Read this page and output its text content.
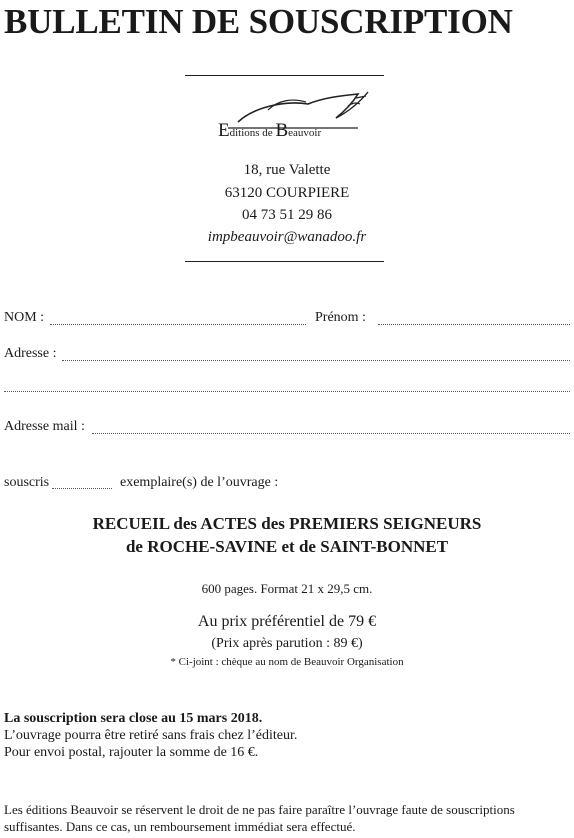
BULLETIN DE SOUSCRIPTION
Editions de Beauvoir
18, rue Valette
63120 COURPIERE
04 73 51 29 86
impbeauvoir@wanadoo.fr
NOM :	Prénom :
Adresse :
Adresse mail :
souscris	exemplaire(s) de l’ouvrage :
RECUEIL des ACTES des PREMIERS SEIGNEURS
de ROCHE-SAVINE et de SAINT-BONNET
600 pages. Format 21 x 29,5 cm.
Au prix préférentiel de 79 €
(Prix après parution : 89 €)
* Ci-joint : chèque au nom de Beauvoir Organisation
La souscription sera close au 15 mars 2018.
L’ouvrage pourra être retiré sans frais chez l’éditeur.
Pour envoi postal, rajouter la somme de 16 €.
Les éditions Beauvoir se réservent le droit de ne pas faire paraître l’ouvrage faute de souscriptions
suffisantes. Dans ce cas, un remboursement immédiat sera effectué.
